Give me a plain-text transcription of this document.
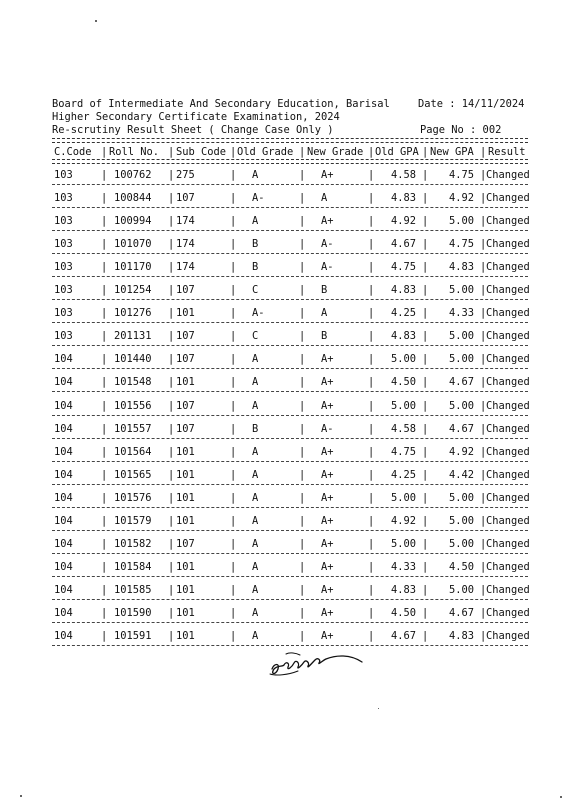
Board of Intermediate And Secondary Education, Barisal	Date : 14/11/2024
Higher Secondary Certificate Examination, 2024
Re-scrutiny Result Sheet ( Change Case Only )	Page No : 002
C.Code | Roll No. | Sub Code | Old Grade | New Grade | Old GPA | New GPA | Result
103	100762 275	A	A+	4.58	4.75 Changed
|	|	|	|	|	|	|
103	100844 107	A-	A	4.83	4.92 Changed
|	|	|	|	|	|	|
103	100994 174	A	A+	4.92	5.00 Changed
|	|	|	|	|	|	|
103	101070 174	B	A-	4.67	4.75 Changed
|	|	|	|	|	|	|
103	101170 174	B	A-	4.75	4.83 Changed
|	|	|	|	|	|	|
103	101254 107	C	B	4.83	5.00 Changed
|	|	|	|	|	|	|
103	101276 101	A-	A	4.25	4.33 Changed
|	|	|	|	|	|	|
103	201131 107	C	B	4.83	5.00 Changed
|	|	|	|	|	|	|
104	101440 107	A	A+	5.00	5.00 Changed
|	|	|	|	|	|	|
104	101548 101	A	A+	4.50	4.67 Changed
|	|	|	|	|	|	|
104	101556 107	A	A+	5.00	5.00 Changed
|	|	|	|	|	|	|
104	101557 107	B	A-	4.58	4.67 Changed
|	|	|	|	|	|	|
104	101564 101	A	A+	4.75	4.92 Changed
|	|	|	|	|	|	|
104	101565 101	A	A+	4.25	4.42 Changed
|	|	|	|	|	|	|
104	101576 101	A	A+	5.00	5.00 Changed
|	|	|	|	|	|	|
104	101579 101	A	A+	4.92	5.00 Changed
|	|	|	|	|	|	|
104	101582 107	A	A+	5.00	5.00 Changed
|	|	|	|	|	|	|
104	101584 101	A	A+	4.33	4.50 Changed
|	|	|	|	|	|	|
104	101585 101	A	A+	4.83	5.00 Changed
|	|	|	|	|	|	|
104	101590 101	A	A+	4.50	4.67 Changed
|	|	|	|	|	|	|
104	101591 101	A	A+	4.67	4.83 Changed
|	|	|	|	|	|	|
